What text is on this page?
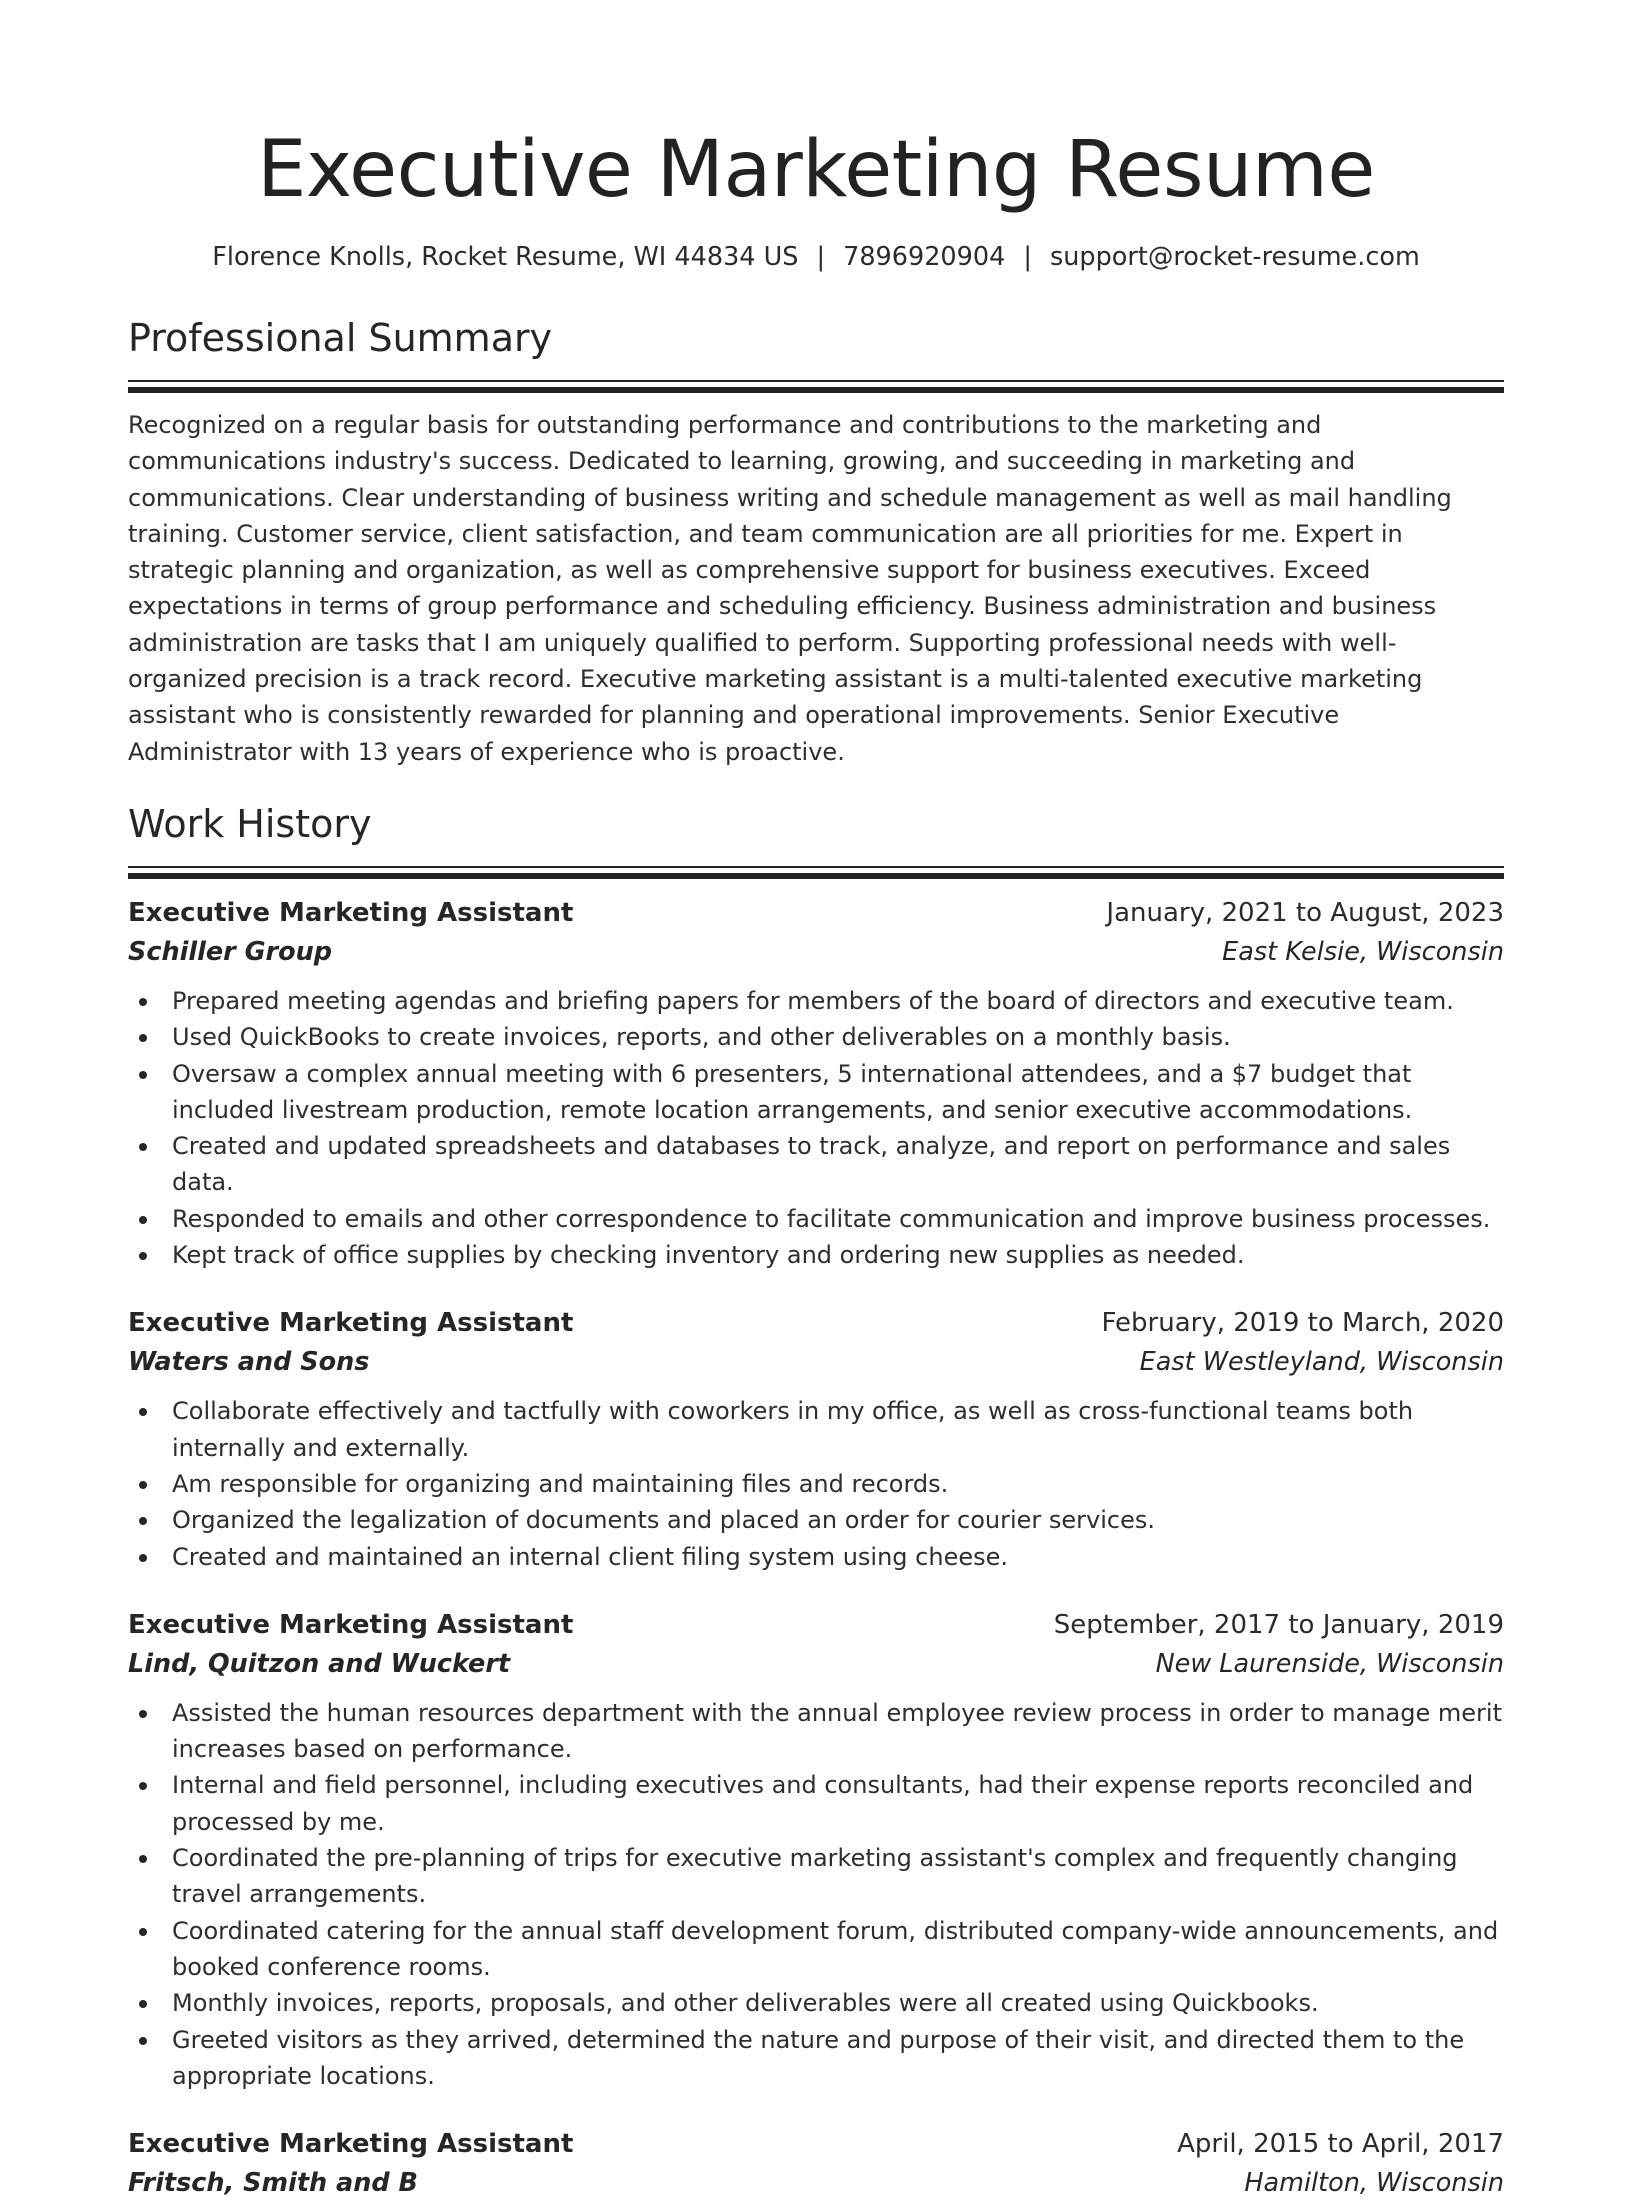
Executive Marketing Resume
Florence Knolls, Rocket Resume, WI 44834 US | 7896920904 | support@rocket-resume.com
Professional Summary
Recognized on a regular basis for outstanding performance and contributions to the marketing and communications industry's success. Dedicated to learning, growing, and succeeding in marketing and communications. Clear understanding of business writing and schedule management as well as mail handling training. Customer service, client satisfaction, and team communication are all priorities for me. Expert in strategic planning and organization, as well as comprehensive support for business executives. Exceed expectations in terms of group performance and scheduling efficiency. Business administration and business administration are tasks that I am uniquely qualified to perform. Supporting professional needs with well-organized precision is a track record. Executive marketing assistant is a multi-talented executive marketing assistant who is consistently rewarded for planning and operational improvements. Senior Executive Administrator with 13 years of experience who is proactive.
Work History
Executive Marketing Assistant	January, 2021 to August, 2023
Schiller Group	East Kelsie, Wisconsin
Prepared meeting agendas and briefing papers for members of the board of directors and executive team.
Used QuickBooks to create invoices, reports, and other deliverables on a monthly basis.
Oversaw a complex annual meeting with 6 presenters, 5 international attendees, and a $7 budget that included livestream production, remote location arrangements, and senior executive accommodations.
Created and updated spreadsheets and databases to track, analyze, and report on performance and sales data.
Responded to emails and other correspondence to facilitate communication and improve business processes.
Kept track of office supplies by checking inventory and ordering new supplies as needed.
Executive Marketing Assistant	February, 2019 to March, 2020
Waters and Sons	East Westleyland, Wisconsin
Collaborate effectively and tactfully with coworkers in my office, as well as cross-functional teams both internally and externally.
Am responsible for organizing and maintaining files and records.
Organized the legalization of documents and placed an order for courier services.
Created and maintained an internal client filing system using cheese.
Executive Marketing Assistant	September, 2017 to January, 2019
Lind, Quitzon and Wuckert	New Laurenside, Wisconsin
Assisted the human resources department with the annual employee review process in order to manage merit increases based on performance.
Internal and field personnel, including executives and consultants, had their expense reports reconciled and processed by me.
Coordinated the pre-planning of trips for executive marketing assistant's complex and frequently changing travel arrangements.
Coordinated catering for the annual staff development forum, distributed company-wide announcements, and booked conference rooms.
Monthly invoices, reports, proposals, and other deliverables were all created using Quickbooks.
Greeted visitors as they arrived, determined the nature and purpose of their visit, and directed them to the appropriate locations.
Executive Marketing Assistant	April, 2015 to April, 2017
Fritsch, Smith and B	Hamilton, Wisconsin
